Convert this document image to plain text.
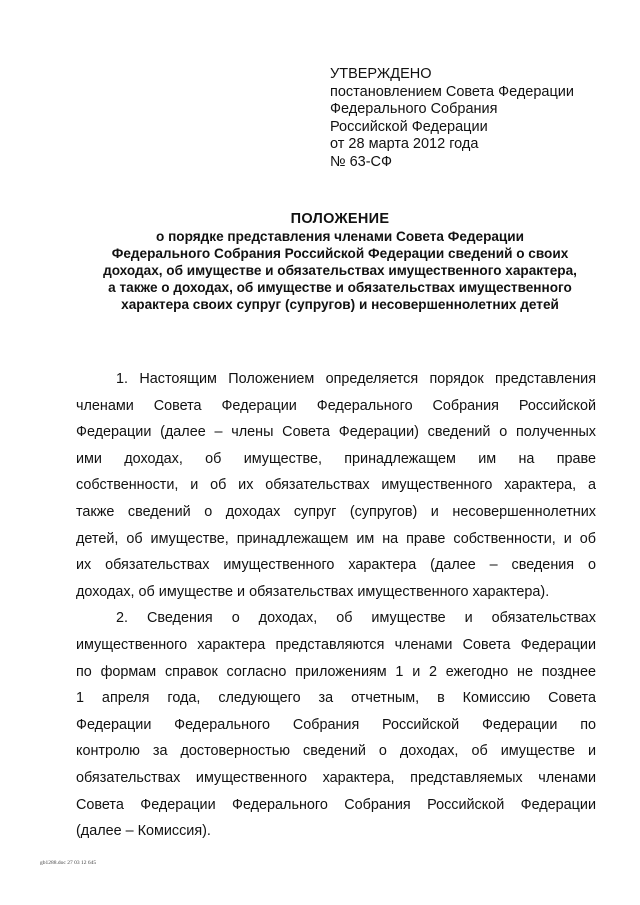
УТВЕРЖДЕНО
постановлением Совета Федерации
Федерального Собрания
Российской Федерации
от 28 марта 2012 года
№ 63-СФ
ПОЛОЖЕНИЕ
о порядке представления членами Совета Федерации
Федерального Собрания Российской Федерации сведений о своих
доходах, об имуществе и обязательствах имущественного характера,
а также о доходах, об имуществе и обязательствах имущественного
характера своих супруг (супругов) и несовершеннолетних детей
1. Настоящим Положением определяется порядок представления
членами Совета Федерации Федерального Собрания Российской
Федерации (далее – члены Совета Федерации) сведений о полученных
ими доходах, об имуществе, принадлежащем им на праве
собственности, и об их обязательствах имущественного характера, а
также сведений о доходах супруг (супругов) и несовершеннолетних
детей, об имуществе, принадлежащем им на праве собственности, и об
их обязательствах имущественного характера (далее – сведения о
доходах, об имуществе и обязательствах имущественного характера).
2. Сведения о доходах, об имуществе и обязательствах
имущественного характера представляются членами Совета Федерации
по формам справок согласно приложениям 1 и 2 ежегодно не позднее
1 апреля года, следующего за отчетным, в Комиссию Совета
Федерации Федерального Собрания Российской Федерации по
контролю за достоверностью сведений о доходах, об имуществе и
обязательствах имущественного характера, представляемых членами
Совета Федерации Федерального Собрания Российской Федерации
(далее – Комиссия).
gb1288.doc 27 03 12 645
